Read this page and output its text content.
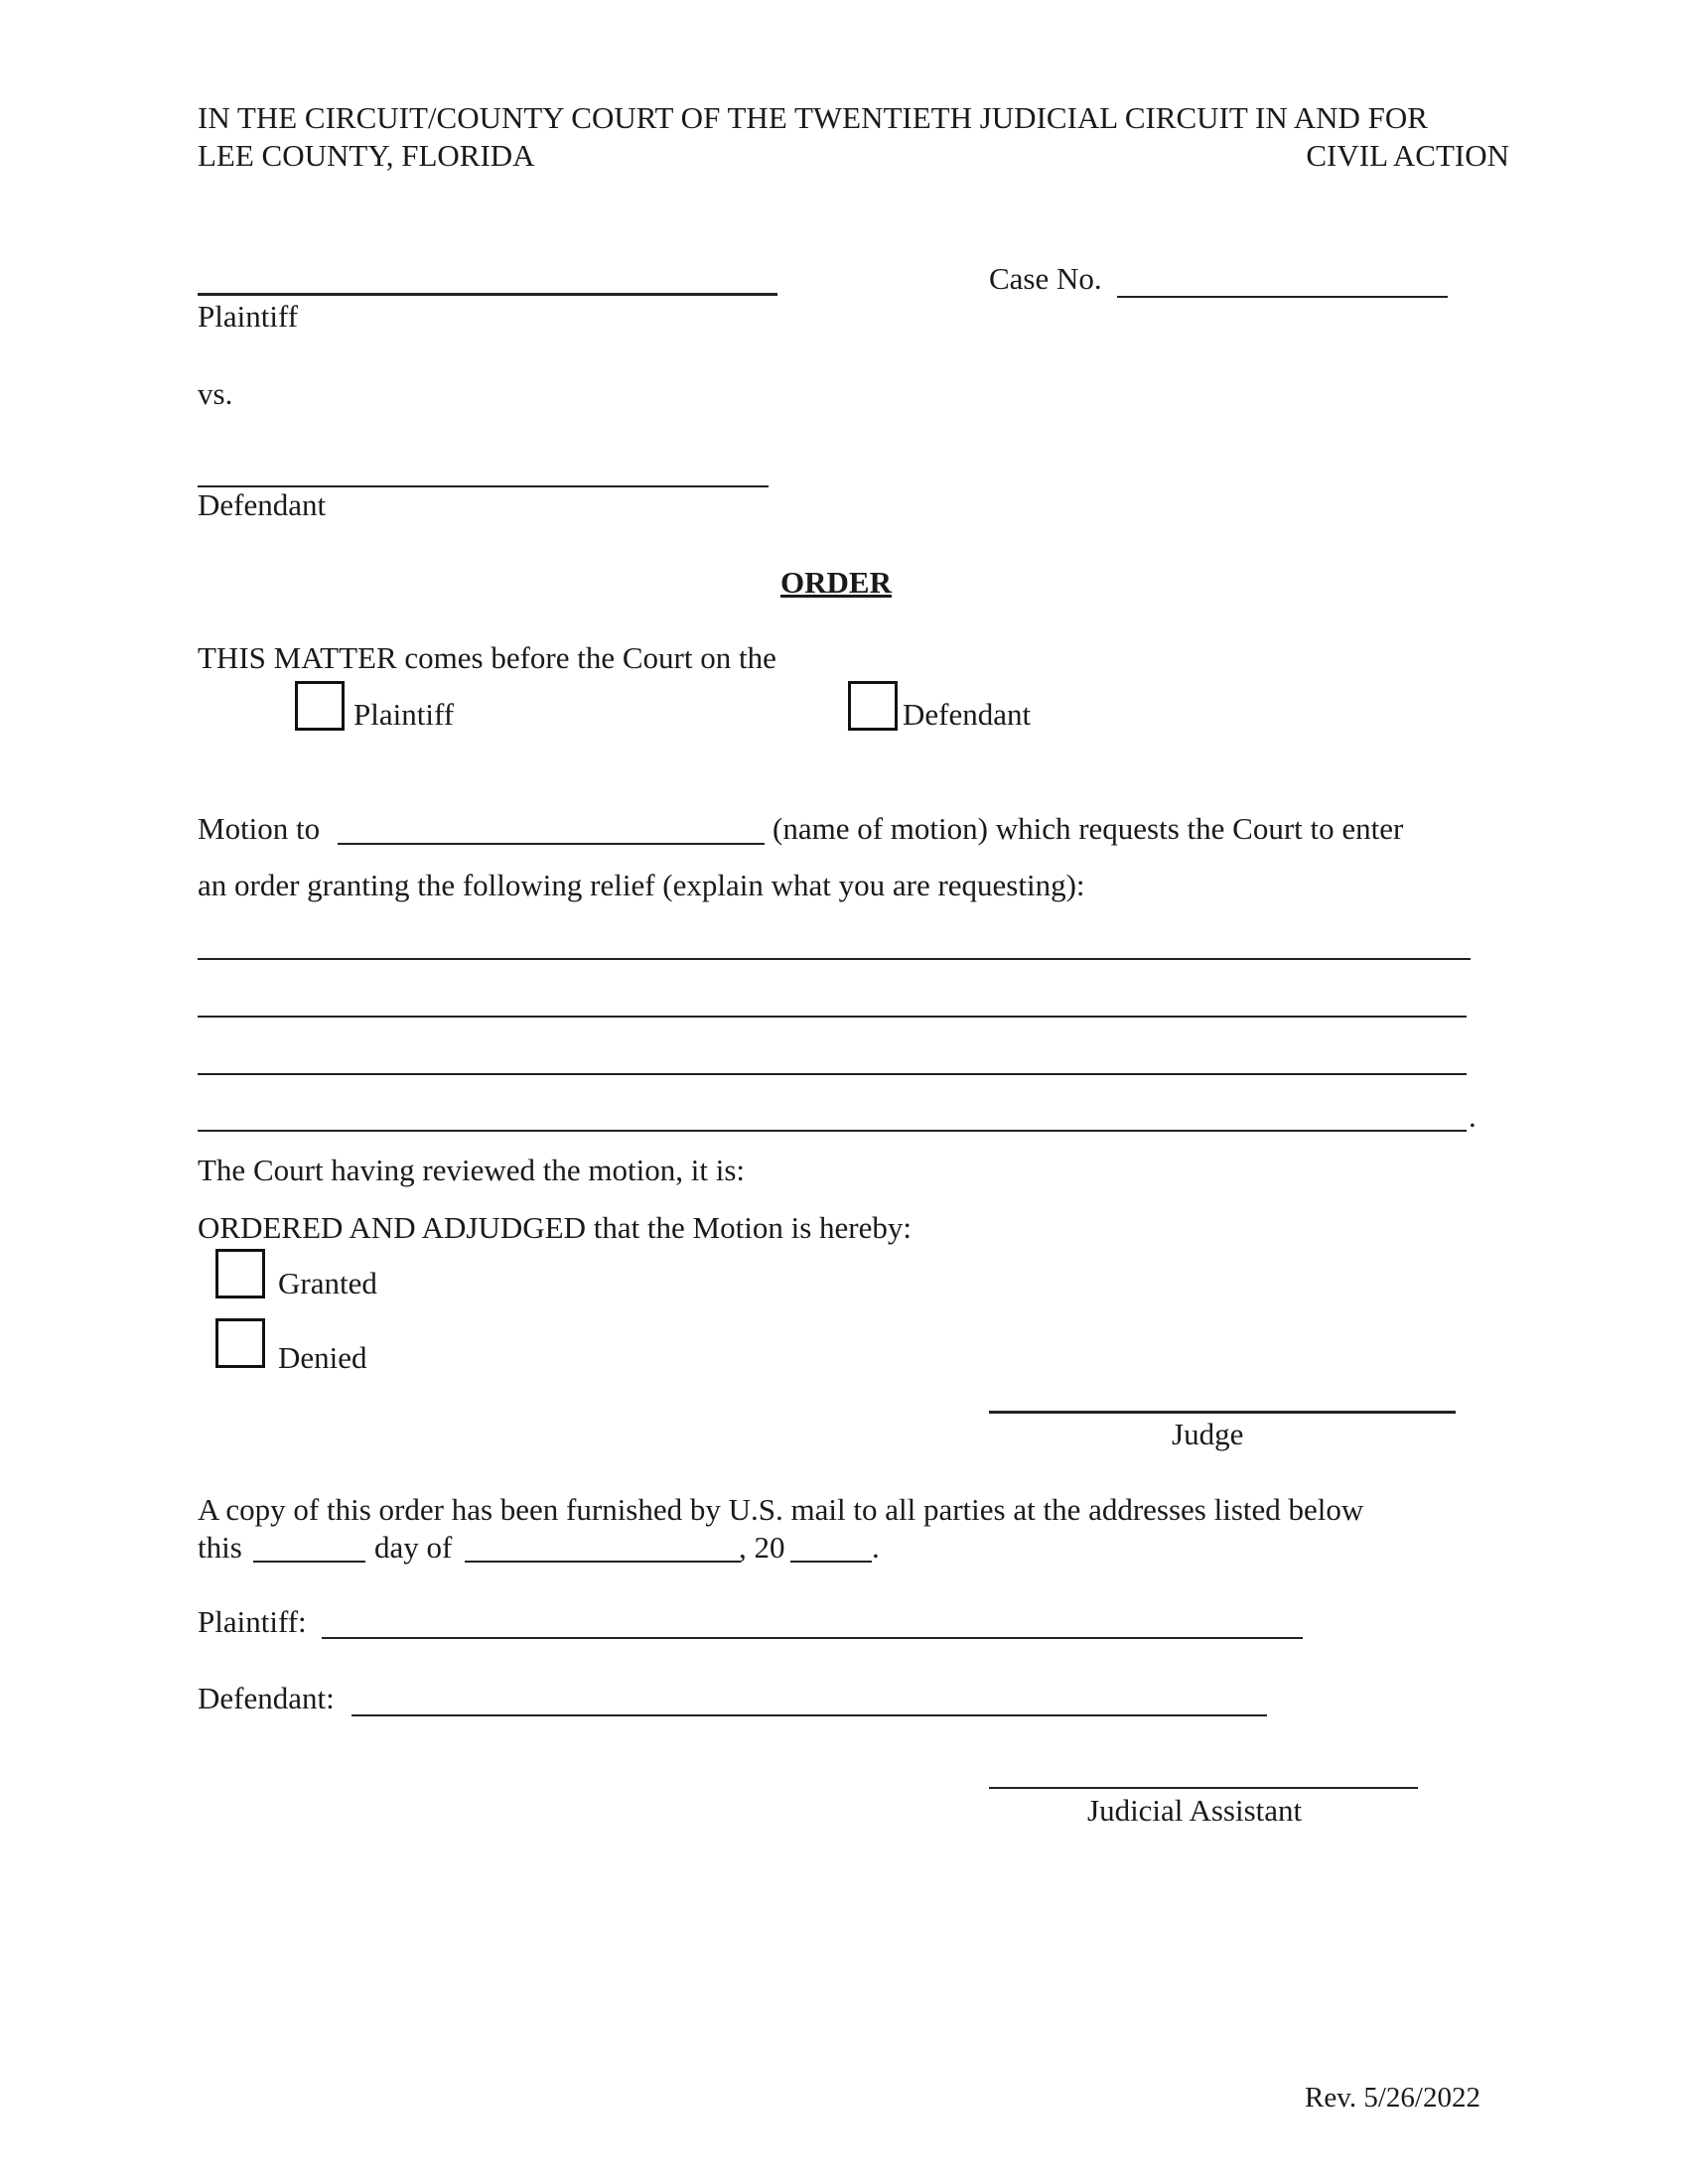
IN THE CIRCUIT/COUNTY COURT OF THE TWENTIETH JUDICIAL CIRCUIT IN AND FOR
LEE COUNTY, FLORIDA	CIVIL ACTION
Plaintiff
Case No.
vs.
Defendant
ORDER
THIS MATTER comes before the Court on the
Plaintiff	Defendant
Motion to	(name of motion) which requests the Court to enter
an order granting the following relief (explain what you are requesting):
.
The Court having reviewed the motion, it is:
ORDERED AND ADJUDGED that the Motion is hereby:
Granted
Denied
Judge
A copy of this order has been furnished by U.S. mail to all parties at the addresses listed below
this	day of	, 20	.
Plaintiff:
Defendant:
Judicial Assistant
Rev. 5/26/2022
